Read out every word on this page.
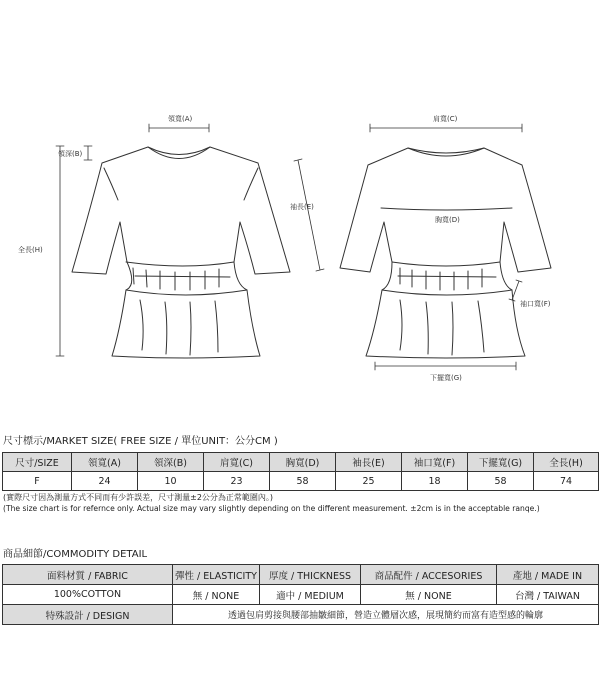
領寬(A)
領深(B)
全長(H)
袖長(E)
肩寬(C)
胸寬(D)
袖口寬(F)
下擺寬(G)
尺寸標示/MARKET SIZE( FREE SIZE / 單位UNIT：公分CM )
尺寸/SIZE	領寬(A)	領深(B)	肩寬(C)	胸寬(D)	袖長(E)	袖口寬(F)	下擺寬(G)	全長(H)
F	24	10	23	58	25	18	58	74
(實際尺寸因為測量方式不同而有少許誤差，尺寸測量±2公分為正常範圍內。)
(The size chart is for refernce only. Actual size may vary slightly depending on the different measurement. ±2cm is in the acceptable ranqe.)
商品細節/COMMODITY DETAIL
面料材質 / FABRIC	彈性 / ELASTICITY	厚度 / THICKNESS	商品配件 / ACCESORIES	產地 / MADE IN
100%COTTON	無 / NONE	適中 / MEDIUM	無 / NONE	台灣 / TAIWAN
特殊設計 / DESIGN	透過包肩剪接與腰部抽皺細節，營造立體層次感，展現簡約而富有造型感的輪廓			
